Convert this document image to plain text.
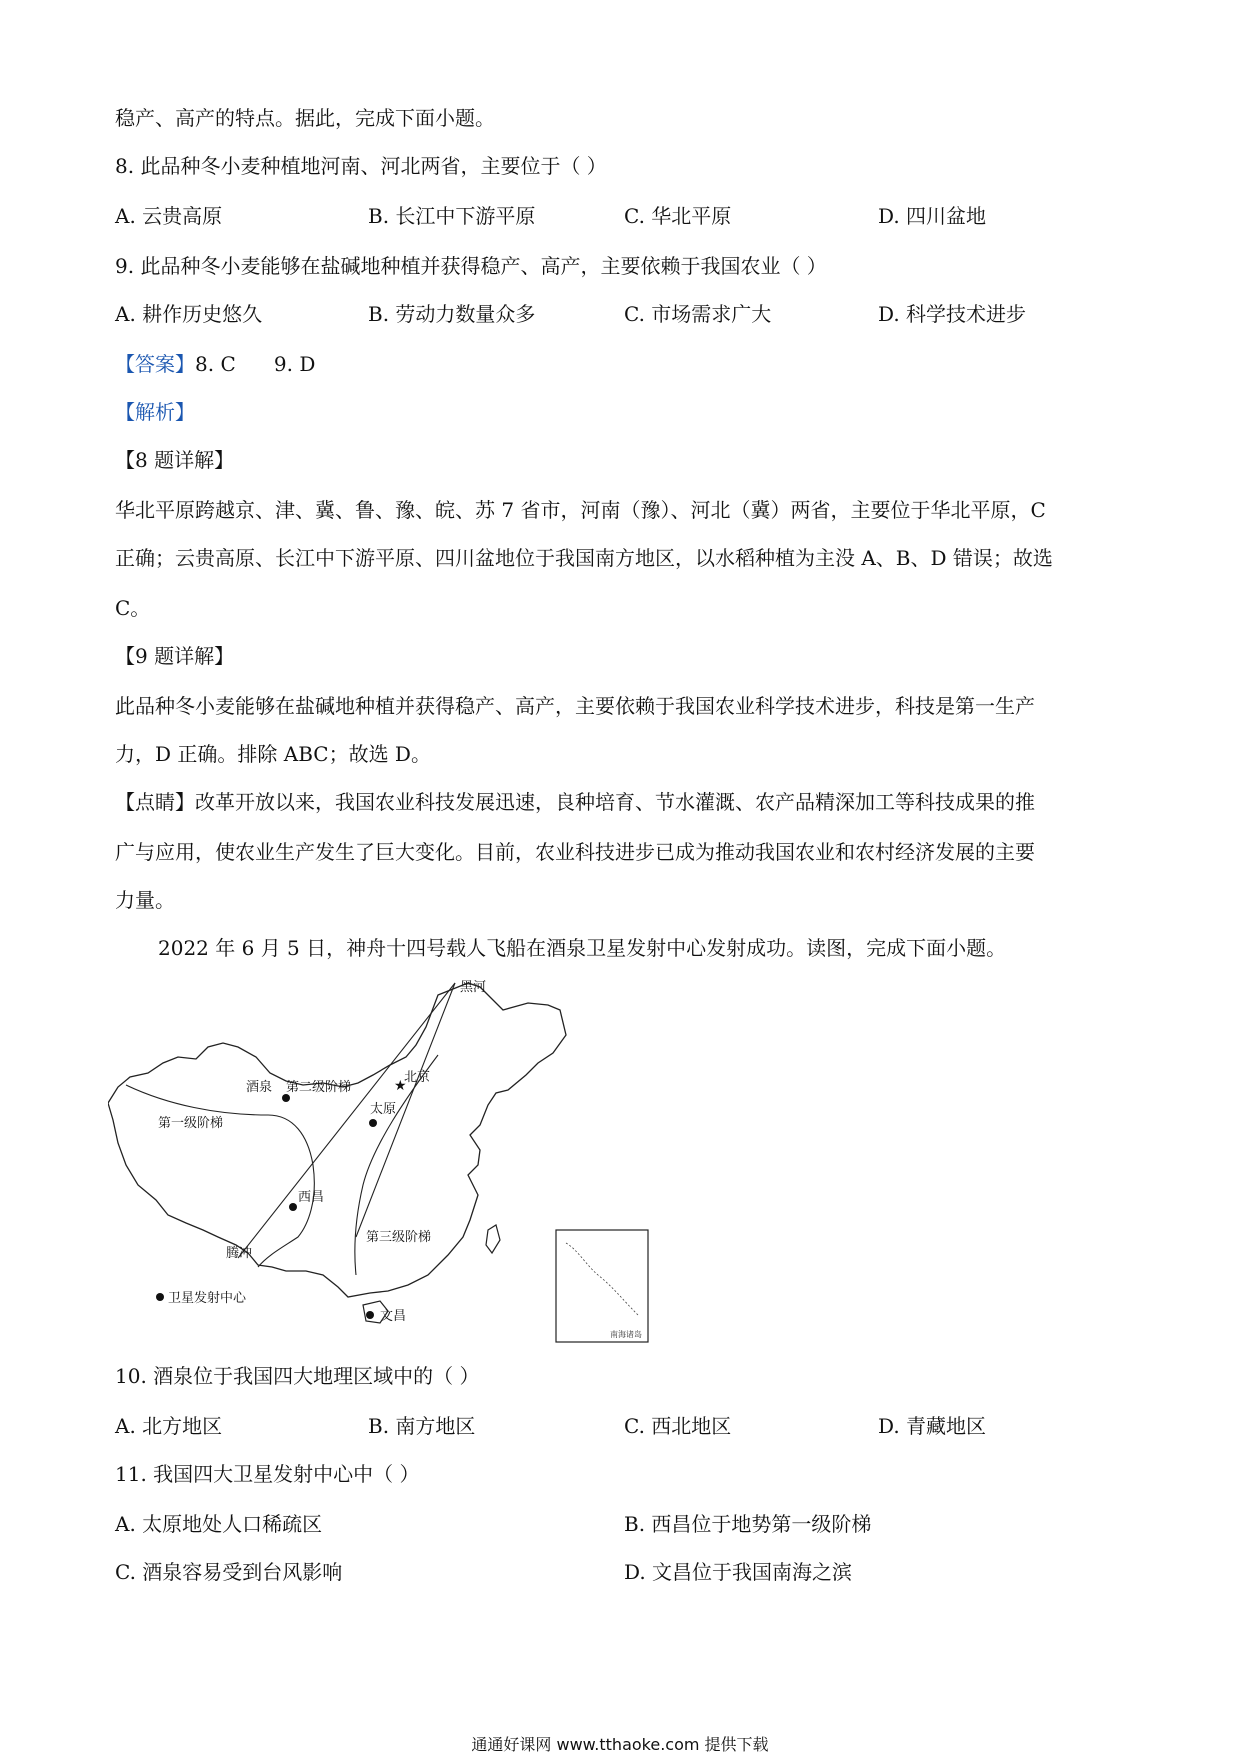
稳产、高产的特点。据此，完成下面小题。
8. 此品种冬小麦种植地河南、河北两省，主要位于（ ）
A. 云贵高原	B. 长江中下游平原	C. 华北平原	D. 四川盆地
9. 此品种冬小麦能够在盐碱地种植并获得稳产、高产，主要依赖于我国农业（ ）
A. 耕作历史悠久	B. 劳动力数量众多	C. 市场需求广大	D. 科学技术进步
【答案】8. C      9. D
【解析】
【8 题详解】
华北平原跨越京、津、冀、鲁、豫、皖、苏 7 省市，河南（豫）、河北（冀）两省，主要位于华北平原，C
正确；云贵高原、长江中下游平原、四川盆地位于我国南方地区，以水稻种植为主没 A、B、D 错误；故选
C。
【9 题详解】
此品种冬小麦能够在盐碱地种植并获得稳产、高产，主要依赖于我国农业科学技术进步，科技是第一生产
力，D 正确。排除 ABC；故选 D。
【点睛】改革开放以来，我国农业科技发展迅速，良种培育、节水灌溉、农产品精深加工等科技成果的推
广与应用，使农业生产发生了巨大变化。目前，农业科技进步已成为推动我国农业和农村经济发展的主要
力量。
2022 年 6 月 5 日，神舟十四号载人飞船在酒泉卫星发射中心发射成功。读图，完成下面小题。
★
黑河
酒泉 第二级阶梯
北京
第一级阶梯
太原
西昌
第三级阶梯
腾冲
卫星发射中心
文昌
南海诸岛
10. 酒泉位于我国四大地理区域中的（ ）
A. 北方地区	B. 南方地区	C. 西北地区	D. 青藏地区
11. 我国四大卫星发射中心中（ ）
A. 太原地处人口稀疏区	B. 西昌位于地势第一级阶梯
C. 酒泉容易受到台风影响	D. 文昌位于我国南海之滨
通通好课网 www.tthaoke.com 提供下载
